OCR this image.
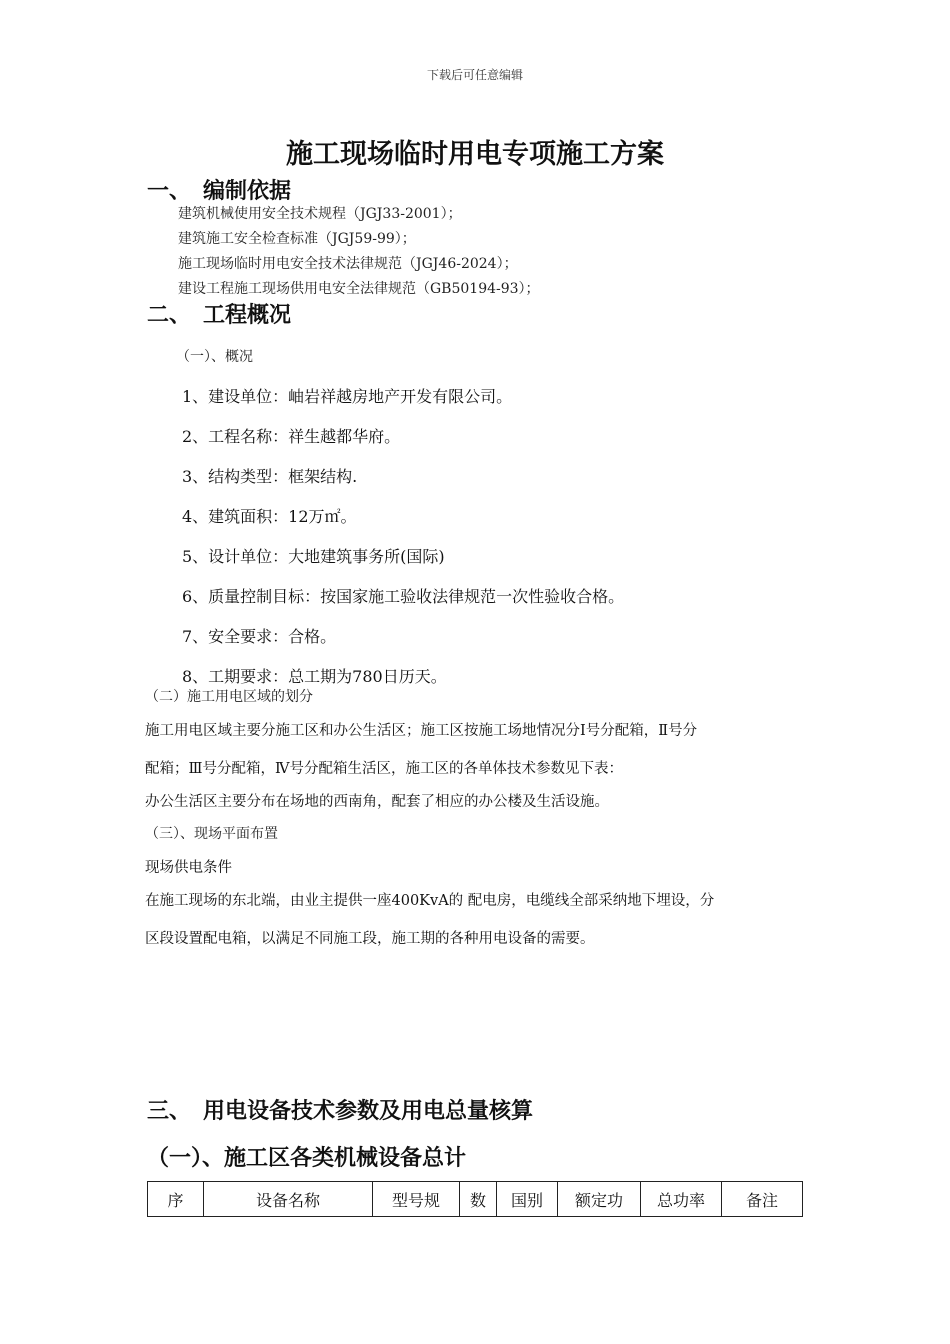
下载后可任意编辑
施工现场临时用电专项施工方案
一、 编制依据
建筑机械使用安全技术规程（JGJ33-2001）；
建筑施工安全检查标准（JGJ59-99）；
施工现场临时用电安全技术法律规范（JGJ46-2024）；
建设工程施工现场供用电安全法律规范（GB50194-93）；
二、 工程概况
（一）、概况
1、建设单位：岫岩祥越房地产开发有限公司。
2、工程名称：祥生越都华府。
3、结构类型：框架结构.
4、建筑面积：12万㎡。
5、设计单位：大地建筑事务所(国际)
6、质量控制目标：按国家施工验收法律规范一次性验收合格。
7、安全要求：合格。
8、工期要求：总工期为780日历天。
（二）施工用电区域的划分
施工用电区域主要分施工区和办公生活区；施工区按施工场地情况分Ⅰ号分配箱，Ⅱ号分
配箱；Ⅲ号分配箱，Ⅳ号分配箱生活区，施工区的各单体技术参数见下表：
办公生活区主要分布在场地的西南角，配套了相应的办公楼及生活设施。
（三）、现场平面布置
现场供电条件
在施工现场的东北端，由业主提供一座400KvA的 配电房，电缆线全部采纳地下埋设，分
区段设置配电箱，以满足不同施工段，施工期的各种用电设备的需要。
三、 用电设备技术参数及用电总量核算
（一）、施工区各类机械设备总计
序	设备名称	型号规	数	国别	额定功	总功率	备注
